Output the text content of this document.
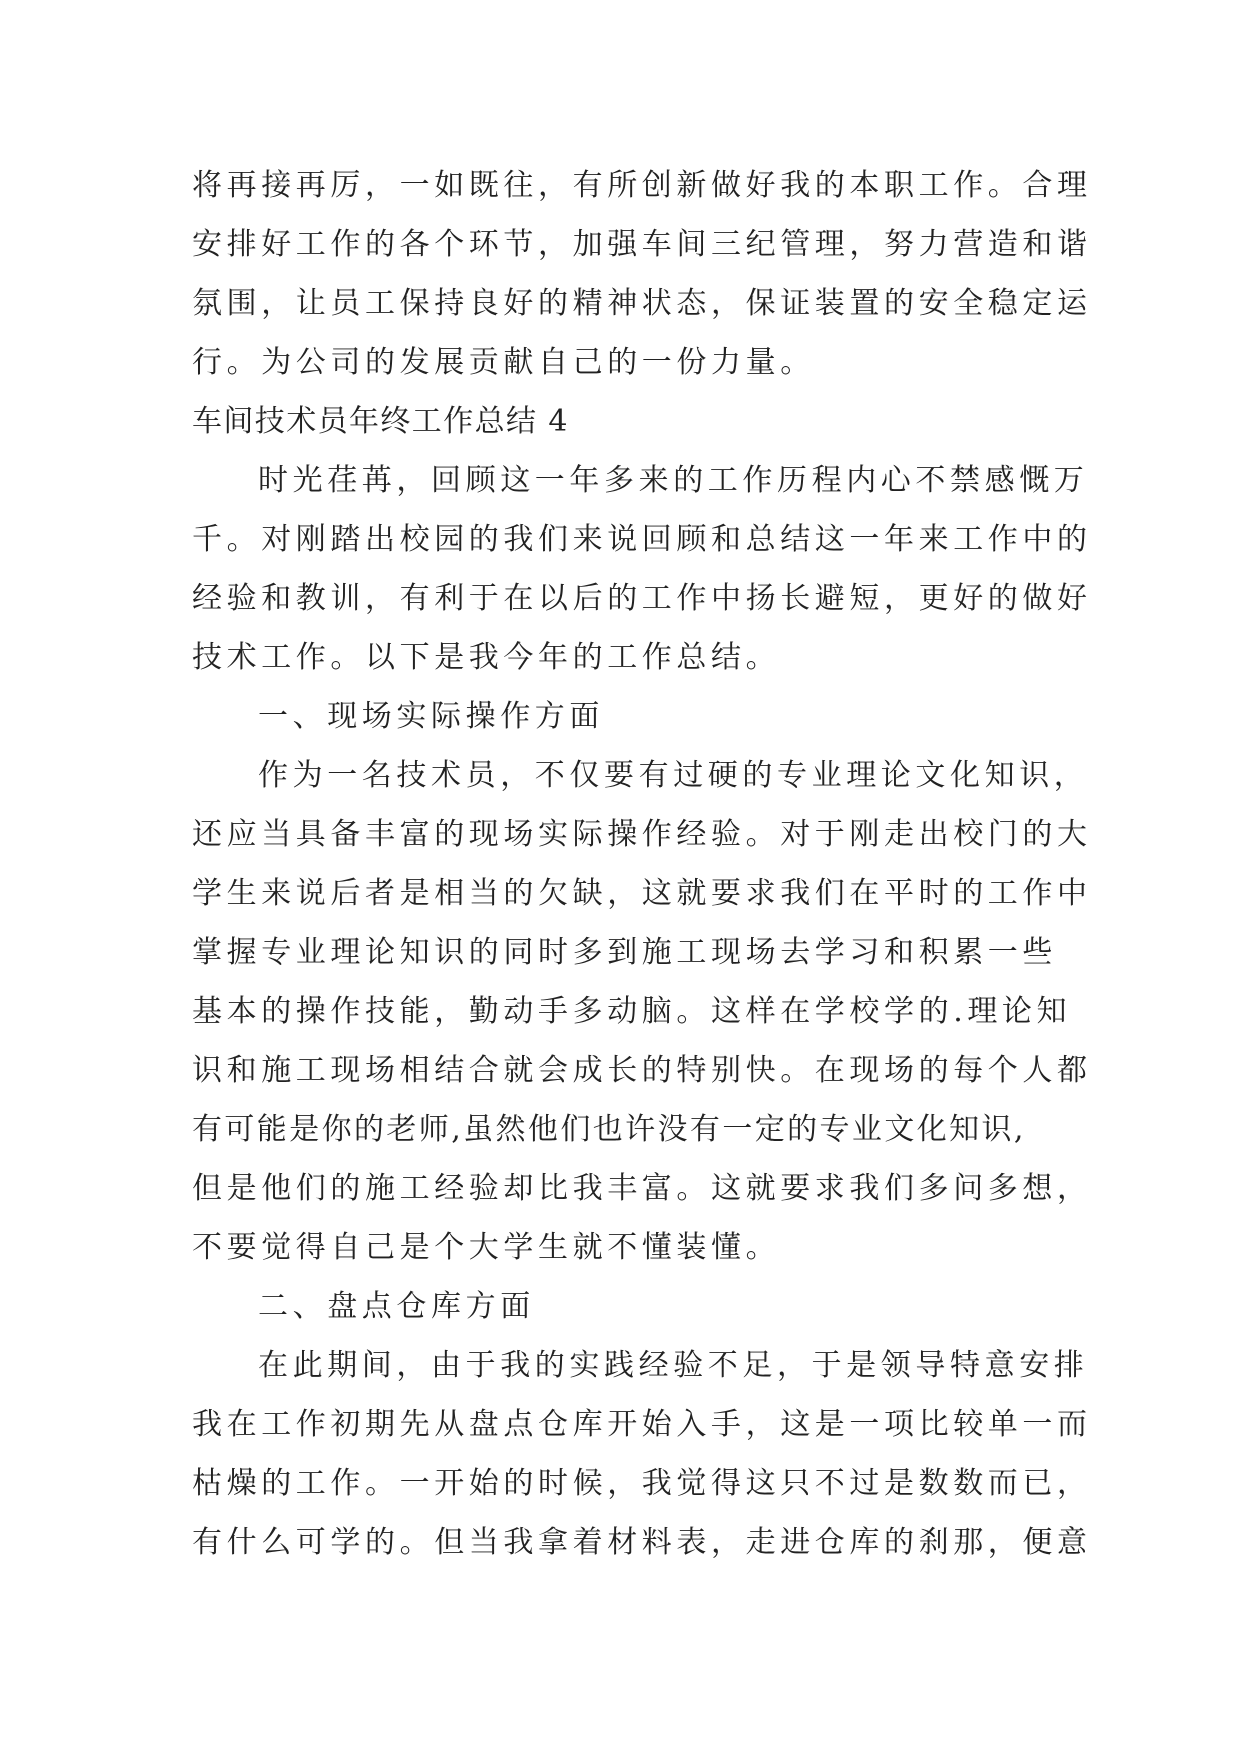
将再接再厉，一如既往，有所创新做好我的本职工作。合理
安排好工作的各个环节，加强车间三纪管理，努力营造和谐
氛围，让员工保持良好的精神状态，保证装置的安全稳定运
行。为公司的发展贡献自己的一份力量。
车间技术员年终工作总结 4
时光荏苒，回顾这一年多来的工作历程内心不禁感慨万
千。对刚踏出校园的我们来说回顾和总结这一年来工作中的
经验和教训，有利于在以后的工作中扬长避短，更好的做好
技术工作。以下是我今年的工作总结。
一、现场实际操作方面
作为一名技术员，不仅要有过硬的专业理论文化知识，
还应当具备丰富的现场实际操作经验。对于刚走出校门的大
学生来说后者是相当的欠缺，这就要求我们在平时的工作中
掌握专业理论知识的同时多到施工现场去学习和积累一些
基本的操作技能，勤动手多动脑。这样在学校学的.理论知
识和施工现场相结合就会成长的特别快。在现场的每个人都
有可能是你的老师,虽然他们也许没有一定的专业文化知识,
但是他们的施工经验却比我丰富。这就要求我们多问多想，
不要觉得自己是个大学生就不懂装懂。
二、盘点仓库方面
在此期间，由于我的实践经验不足，于是领导特意安排
我在工作初期先从盘点仓库开始入手，这是一项比较单一而
枯燥的工作。一开始的时候，我觉得这只不过是数数而已，
有什么可学的。但当我拿着材料表，走进仓库的刹那，便意
